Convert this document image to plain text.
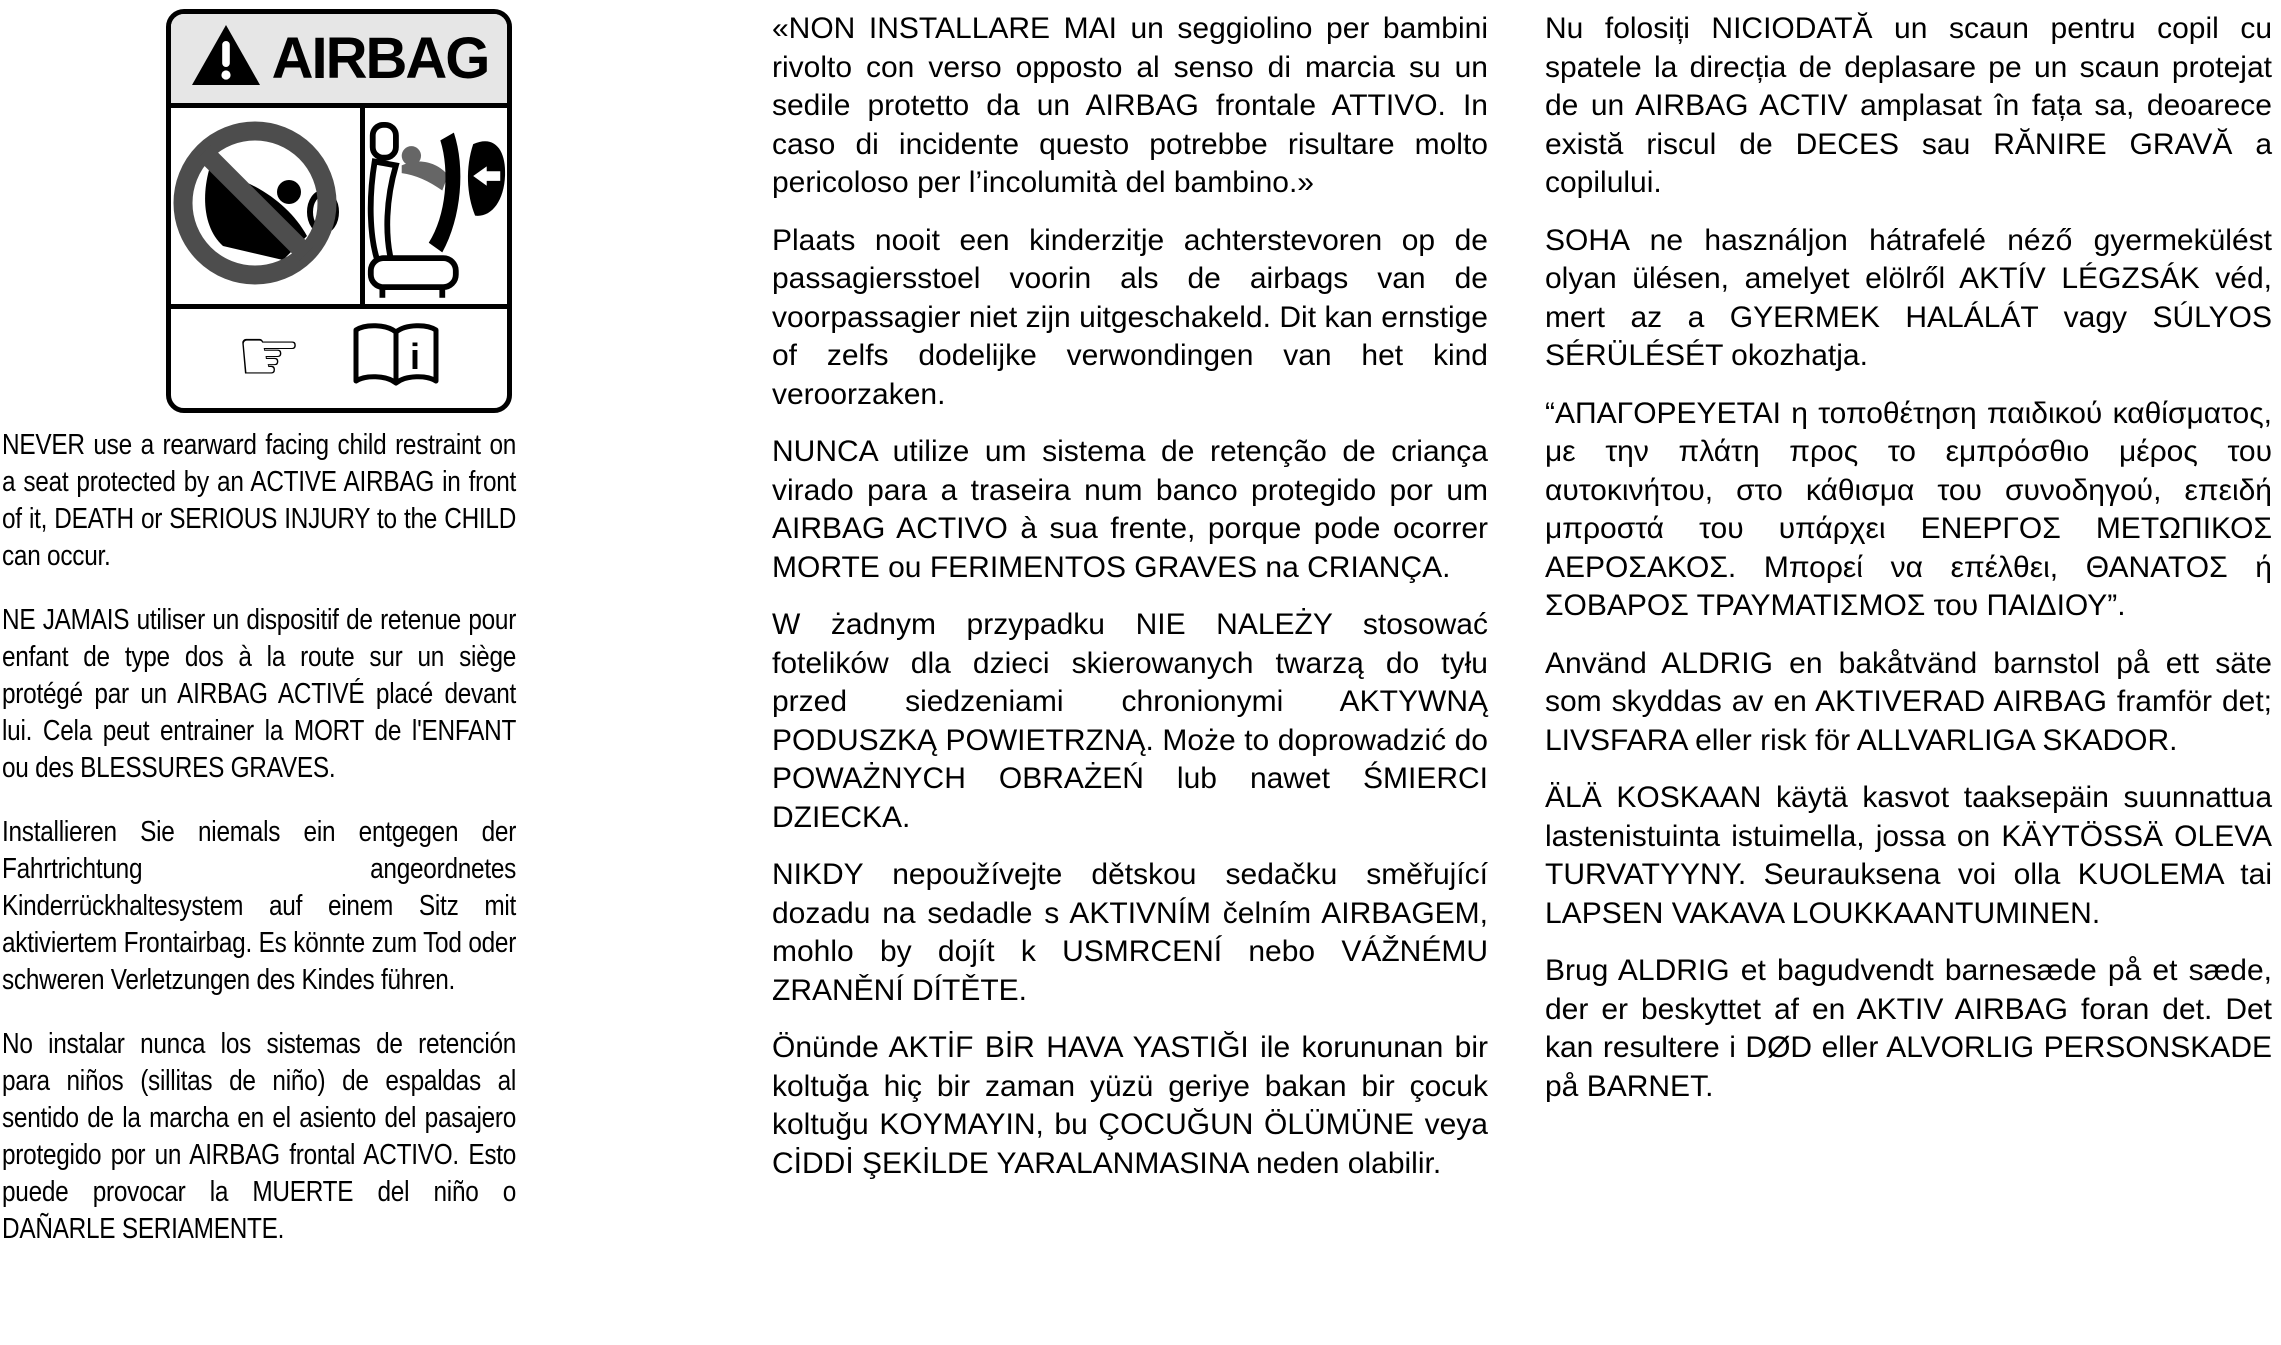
AIRBAG
☞	i

NEVER use a rearward facing child restraint on a seat protected by an ACTIVE AIRBAG in front of it, DEATH or SERIOUS INJURY to the CHILD can occur.

NE JAMAIS utiliser un dispositif de retenue pour enfant de type dos à la route sur un siège protégé par un AIRBAG ACTIVÉ placé devant lui. Cela peut entrainer la MORT de l'ENFANT ou des BLESSURES GRAVES.

Installieren Sie niemals ein entgegen der Fahrtrichtung angeordnetes Kinderrückhaltesystem auf einem Sitz mit aktiviertem Frontairbag. Es könnte zum Tod oder schweren Verletzungen des Kindes führen.

No instalar nunca los sistemas de retención para niños (sillitas de niño) de espaldas al sentido de la marcha en el asiento del pasajero protegido por un AIRBAG frontal ACTIVO. Esto puede provocar la MUERTE del niño o DAÑARLE SERIAMENTE.

«NON INSTALLARE MAI un seggiolino per bambini rivolto con verso opposto al senso di marcia su un sedile protetto da un AIRBAG frontale ATTIVO. In caso di incidente questo potrebbe risultare molto pericoloso per l’incolumità del bambino.»

Plaats nooit een kinderzitje achterstevoren op de passagiersstoel voorin als de airbags van de voorpassagier niet zijn uitgeschakeld. Dit kan ernstige of zelfs dodelijke verwondingen van het kind veroorzaken.

NUNCA utilize um sistema de retenção de criança virado para a traseira num banco protegido por um AIRBAG ACTIVO à sua frente, porque pode ocorrer MORTE ou FERIMENTOS GRAVES na CRIANÇA.

W żadnym przypadku NIE NALEŻY stosować fotelików dla dzieci skierowanych twarzą do tyłu przed siedzeniami chronionymi AKTYWNĄ PODUSZKĄ POWIETRZNĄ. Może to doprowadzić do POWAŻNYCH OBRAŻEŃ lub nawet ŚMIERCI DZIECKA.

NIKDY nepoužívejte dětskou sedačku směřující dozadu na sedadle s AKTIVNÍM čelním AIRBAGEM, mohlo by dojít k USMRCENÍ nebo VÁŽNÉMU ZRANĚNÍ DÍTĚTE.

Önünde AKTİF BİR HAVA YASTIĞI ile korununan bir koltuğa hiç bir zaman yüzü geriye bakan bir çocuk koltuğu KOYMAYIN, bu ÇOCUĞUN ÖLÜMÜNE veya CİDDİ ŞEKİLDE YARALANMASINA neden olabilir.

Nu folosiți NICIODATĂ un scaun pentru copil cu spatele la direcția de deplasare pe un scaun protejat de un AIRBAG ACTIV amplasat în fața sa, deoarece există riscul de DECES sau RĂNIRE GRAVĂ a copilului.

SOHA ne használjon hátrafelé néző gyermekülést olyan ülésen, amelyet elölről AKTÍV LÉGZSÁK véd, mert az a GYERMEK HALÁLÁT vagy SÚLYOS SÉRÜLÉSÉT okozhatja.

“ΑΠΑΓΟΡΕΥΕΤΑΙ η τοποθέτηση παιδικού καθίσματος, με την πλάτη προς το εμπρόσθιο μέρος του αυτοκινήτου, στο κάθισμα του συνοδηγού, επειδή μπροστά του υπάρχει ΕΝΕΡΓΟΣ ΜΕΤΩΠΙΚΟΣ ΑΕΡΟΣΑΚΟΣ. Μπορεί να επέλθει, ΘΑΝΑΤΟΣ ή ΣΟΒΑΡΟΣ ΤΡΑΥΜΑΤΙΣΜΟΣ του ΠΑΙΔΙΟΥ”.

Använd ALDRIG en bakåtvänd barnstol på ett säte som skyddas av en AKTIVERAD AIRBAG framför det; LIVSFARA eller risk för ALLVARLIGA SKADOR.

ÄLÄ KOSKAAN käytä kasvot taaksepäin suunnattua lastenistuinta istuimella, jossa on KÄYTÖSSÄ OLEVA TURVATYYNY. Seurauksena voi olla KUOLEMA tai LAPSEN VAKAVA LOUKKAANTUMINEN.

Brug ALDRIG et bagudvendt barnesæde på et sæde, der er beskyttet af en AKTIV AIRBAG foran det. Det kan resultere i DØD eller ALVORLIG PERSONSKADE på BARNET.
